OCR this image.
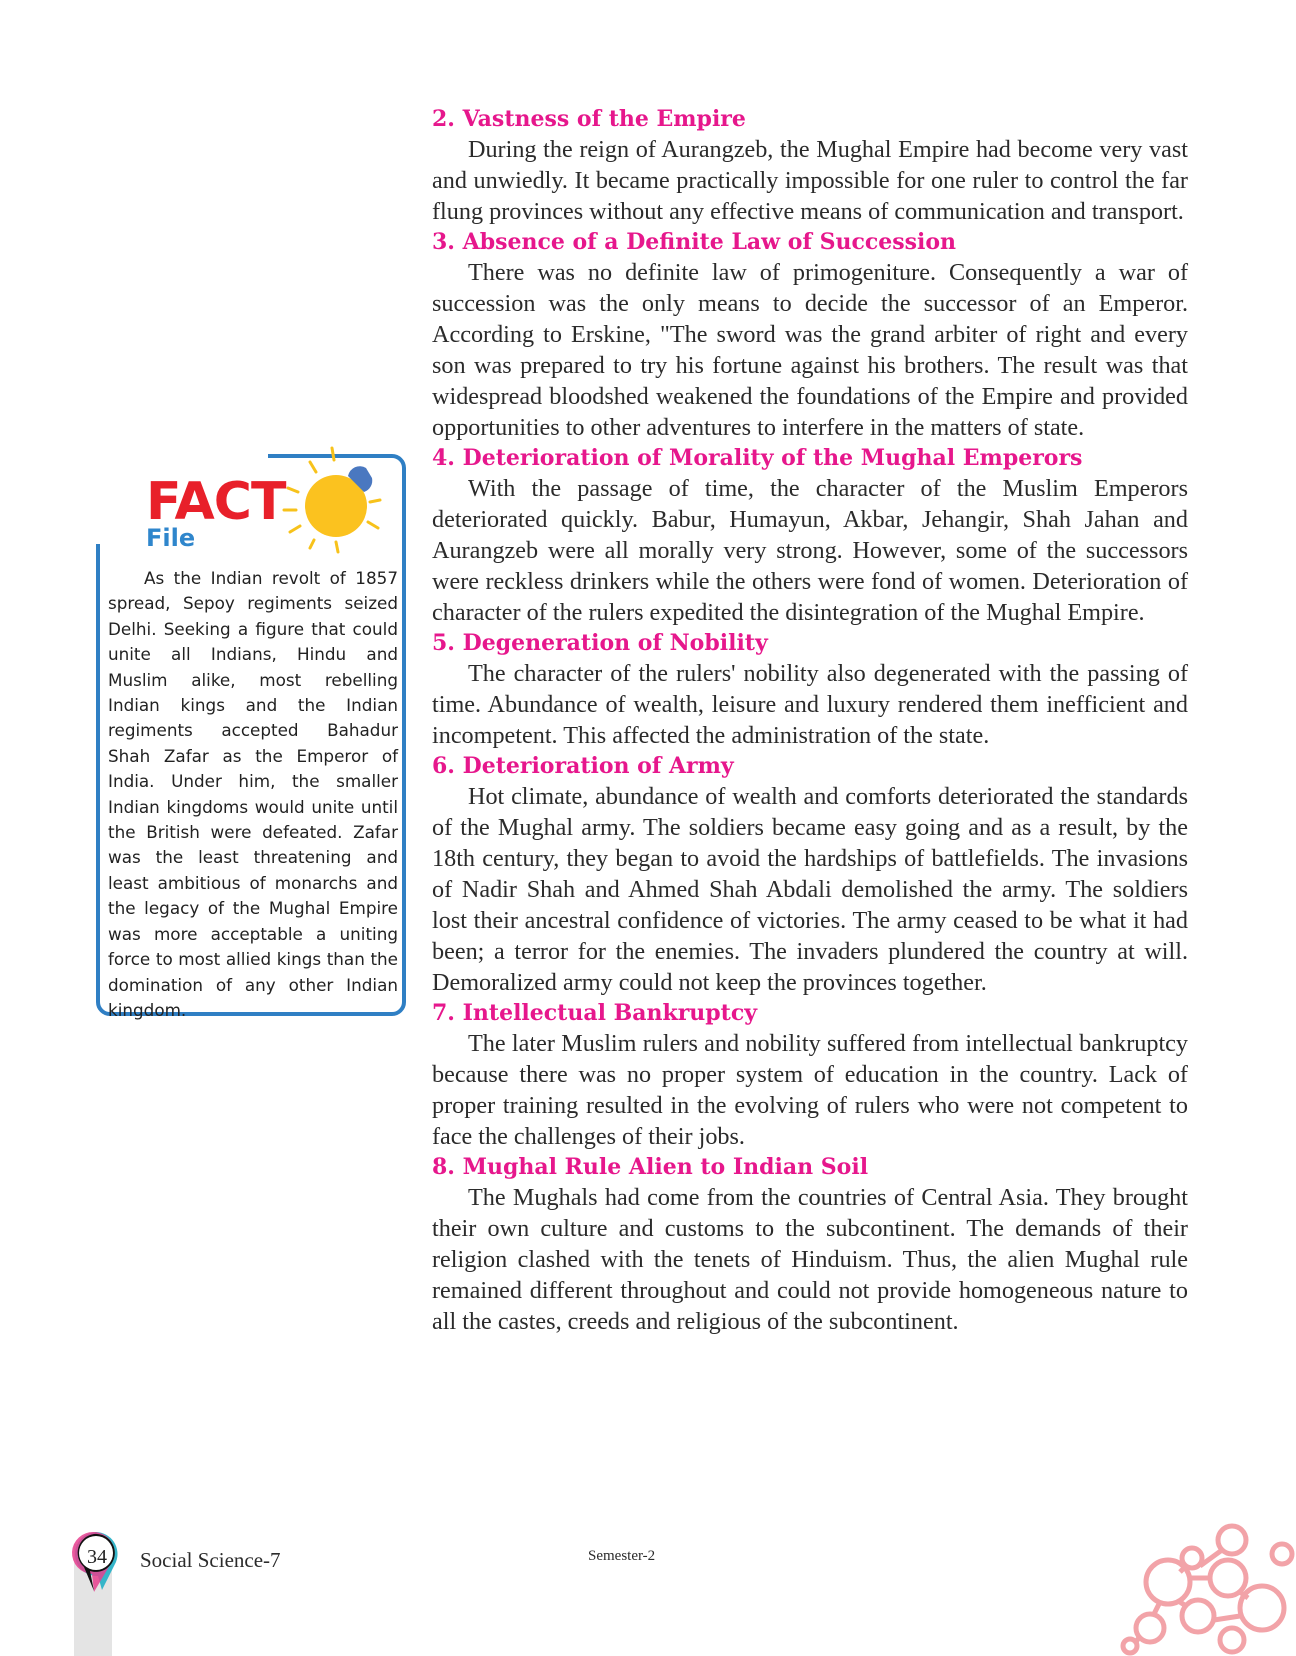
2. Vastness of the Empire

During the reign of Aurangzeb, the Mughal Empire had become very vast and unwiedly. It became practically impossible for one ruler to control the far flung provinces without any effective means of communication and transport.

3. Absence of a Definite Law of Succession

There was no definite law of primogeniture. Consequently a war of succession was the only means to decide the successor of an Emperor. According to Erskine, "The sword was the grand arbiter of right and every son was prepared to try his fortune against his brothers. The result was that widespread bloodshed weakened the foundations of the Empire and provided opportunities to other adventures to interfere in the matters of state.

4. Deterioration of Morality of the Mughal Emperors

With the passage of time, the character of the Muslim Emperors deteriorated quickly. Babur, Humayun, Akbar, Jehangir, Shah Jahan and Aurangzeb were all morally very strong. However, some of the successors were reckless drinkers while the others were fond of women. Deterioration of character of the rulers expedited the disintegration of the Mughal Empire.

5. Degeneration of Nobility

The character of the rulers' nobility also degenerated with the passing of time. Abundance of wealth, leisure and luxury rendered them inefficient and incompetent. This affected the administration of the state.

6. Deterioration of Army

Hot climate, abundance of wealth and comforts deteriorated the standards of the Mughal army. The soldiers became easy going and as a result, by the 18th century, they began to avoid the hardships of battlefields. The invasions of Nadir Shah and Ahmed Shah Abdali demolished the army. The soldiers lost their ancestral confidence of victories. The army ceased to be what it had been; a terror for the enemies. The invaders plundered the country at will. Demoralized army could not keep the provinces together.

7. Intellectual Bankruptcy

The later Muslim rulers and nobility suffered from intellectual bankruptcy because there was no proper system of education in the country. Lack of proper training resulted in the evolving of rulers who were not competent to face the challenges of their jobs.

8. Mughal Rule Alien to Indian Soil

The Mughals had come from the countries of Central Asia. They brought their own culture and customs to the subcontinent. The demands of their religion clashed with the tenets of Hinduism. Thus, the alien Mughal rule remained different throughout and could not provide homogeneous nature to all the castes, creeds and religious of the subcontinent.

FACT
File

As the Indian revolt of 1857 spread, Sepoy regiments seized Delhi. Seeking a figure that could unite all Indians, Hindu and Muslim alike, most rebelling Indian kings and the Indian regiments accepted Bahadur Shah Zafar as the Emperor of India. Under him, the smaller Indian kingdoms would unite until the British were defeated. Zafar was the least threatening and least ambitious of monarchs and the legacy of the Mughal Empire was more acceptable a uniting force to most allied kings than the domination of any other Indian kingdom.

34	Social Science-7	Semester-2
